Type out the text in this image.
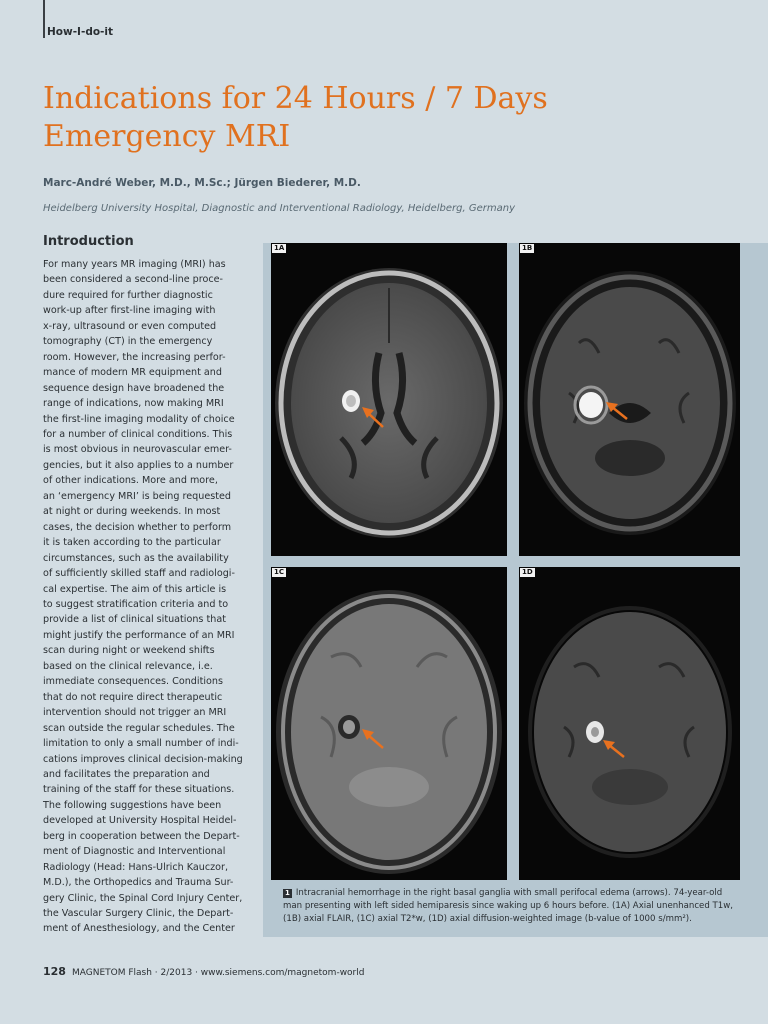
How-I-do-it
Indications for 24 Hours / 7 Days
Emergency MRI
Marc-André Weber, M.D., M.Sc.; Jürgen Biederer, M.D.
Heidelberg University Hospital, Diagnostic and Interventional Radiology, Heidelberg, Germany
Introduction
For many years MR imaging (MRI) has
been considered a second-line proce-
dure required for further diagnostic
work-up after first-line imaging with
x-ray, ultrasound or even computed
tomography (CT) in the emergency
room. However, the increasing perfor-
mance of modern MR equipment and
sequence design have broadened the
range of indications, now making MRI
the first-line imaging modality of choice
for a number of clinical conditions. This
is most obvious in neurovascular emer-
gencies, but it also applies to a number
of other indications. More and more,
an ‘emergency MRI’ is being requested
at night or during weekends. In most
cases, the decision whether to perform
it is taken according to the particular
circumstances, such as the availability
of sufficiently skilled staff and radiologi-
cal expertise. The aim of this article is
to suggest stratification criteria and to
provide a list of clinical situations that
might justify the performance of an MRI
scan during night or weekend shifts
based on the clinical relevance, i.e.
immediate consequences. Conditions
that do not require direct therapeutic
intervention should not trigger an MRI
scan outside the regular schedules. The
limitation to only a small number of indi-
cations improves clinical decision-making
and facilitates the preparation and
training of the staff for these situations.
The following suggestions have been
developed at University Hospital Heidel-
berg in cooperation between the Depart-
ment of Diagnostic and Interventional
Radiology (Head: Hans-Ulrich Kauczor,
M.D.), the Orthopedics and Trauma Sur-
gery Clinic, the Spinal Cord Injury Center,
the Vascular Surgery Clinic, the Depart-
ment of Anesthesiology, and the Center
1A	1B
1C	1D
1 Intracranial hemorrhage in the right basal ganglia with small perifocal edema (arrows). 74-year-old man presenting with left sided hemiparesis since waking up 6 hours before. (1A) Axial unenhanced T1w, (1B) axial FLAIR, (1C) axial T2*w, (1D) axial diffusion-weighted image (b-value of 1000 s/mm²).
128 MAGNETOM Flash · 2/2013 · www.siemens.com/magnetom-world
